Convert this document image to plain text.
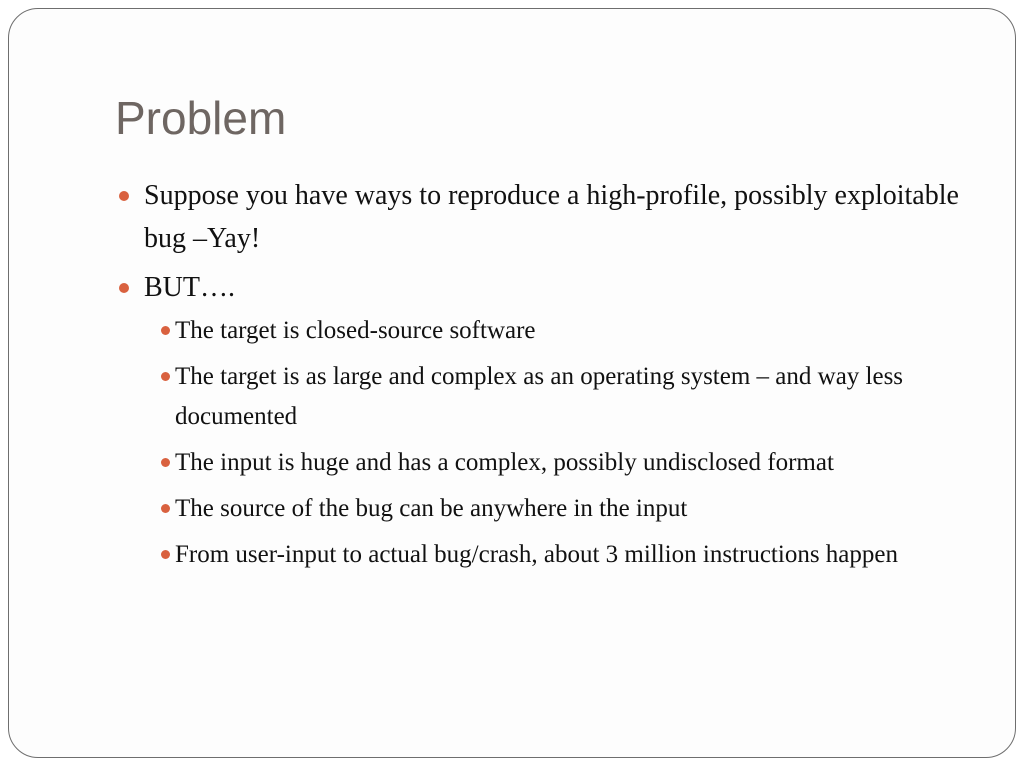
Problem
Suppose you have ways to reproduce a high-profile, possibly exploitable bug –Yay!
BUT….
The target is closed-source software
The target is as large and complex as an operating system – and way less documented
The input is huge and has a complex, possibly undisclosed format
The source of the bug can be anywhere in the input
From user-input to actual bug/crash, about 3 million instructions happen
